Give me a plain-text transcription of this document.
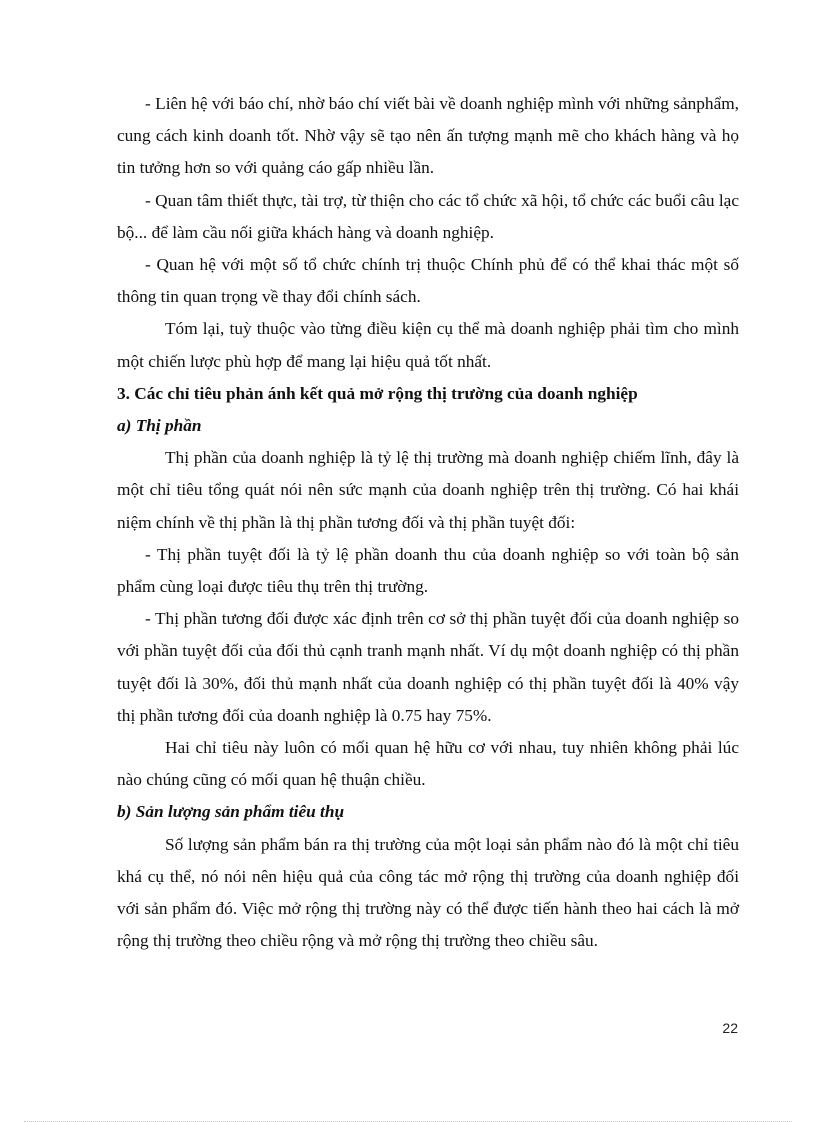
- Liên hệ với báo chí, nhờ báo chí viết bài về doanh nghiệp mình với những sảnphẩm, cung cách kinh doanh tốt. Nhờ vậy sẽ tạo nên ấn tượng mạnh mẽ cho khách hàng và họ tin tưởng hơn so với quảng cáo gấp nhiều lần.

- Quan tâm thiết thực, tài trợ, từ thiện cho các tổ chức xã hội, tổ chức các buổi câu lạc bộ... để làm cầu nối giữa khách hàng và doanh nghiệp.

- Quan hệ với một số tổ chức chính trị thuộc Chính phủ để có thể khai thác một số thông tin quan trọng về thay đổi chính sách.

Tóm lại, tuỳ thuộc vào từng điều kiện cụ thể mà doanh nghiệp phải tìm cho mình một chiến lược phù hợp để mang lại hiệu quả tốt nhất.

3. Các chỉ tiêu phản ánh kết quả mở rộng thị trường của doanh nghiệp

a) Thị phần

Thị phần của doanh nghiệp là tỷ lệ thị trường mà doanh nghiệp chiếm lĩnh, đây là một chỉ tiêu tổng quát nói nên sức mạnh của doanh nghiệp trên thị trường. Có hai khái niệm chính về thị phần là thị phần tương đối và thị phần tuyệt đối:

- Thị phần tuyệt đối là tỷ lệ phần doanh thu của doanh nghiệp so với toàn bộ sản phẩm cùng loại được tiêu thụ trên thị trường.

- Thị phần tương đối được xác định trên cơ sở thị phần tuyệt đối của doanh nghiệp so với phần tuyệt đối của đối thủ cạnh tranh mạnh nhất. Ví dụ một doanh nghiệp có thị phần tuyệt đối là 30%, đối thủ mạnh nhất của doanh nghiệp có thị phần tuyệt đối là 40% vậy thị phần tương đối của doanh nghiệp là 0.75 hay 75%.

Hai chỉ tiêu này luôn có mối quan hệ hữu cơ với nhau, tuy nhiên không phải lúc nào chúng cũng có mối quan hệ thuận chiều.

b) Sản lượng sản phẩm tiêu thụ

Số lượng sản phẩm bán ra thị trường của một loại sản phẩm nào đó là một chỉ tiêu khá cụ thể, nó nói nên hiệu quả của công tác mở rộng thị trường của doanh nghiệp đối với sản phẩm đó. Việc mở rộng thị trường này có thể được tiến hành theo hai cách là mở rộng thị trường theo chiều rộng và mở rộng thị trường theo chiều sâu.

22
